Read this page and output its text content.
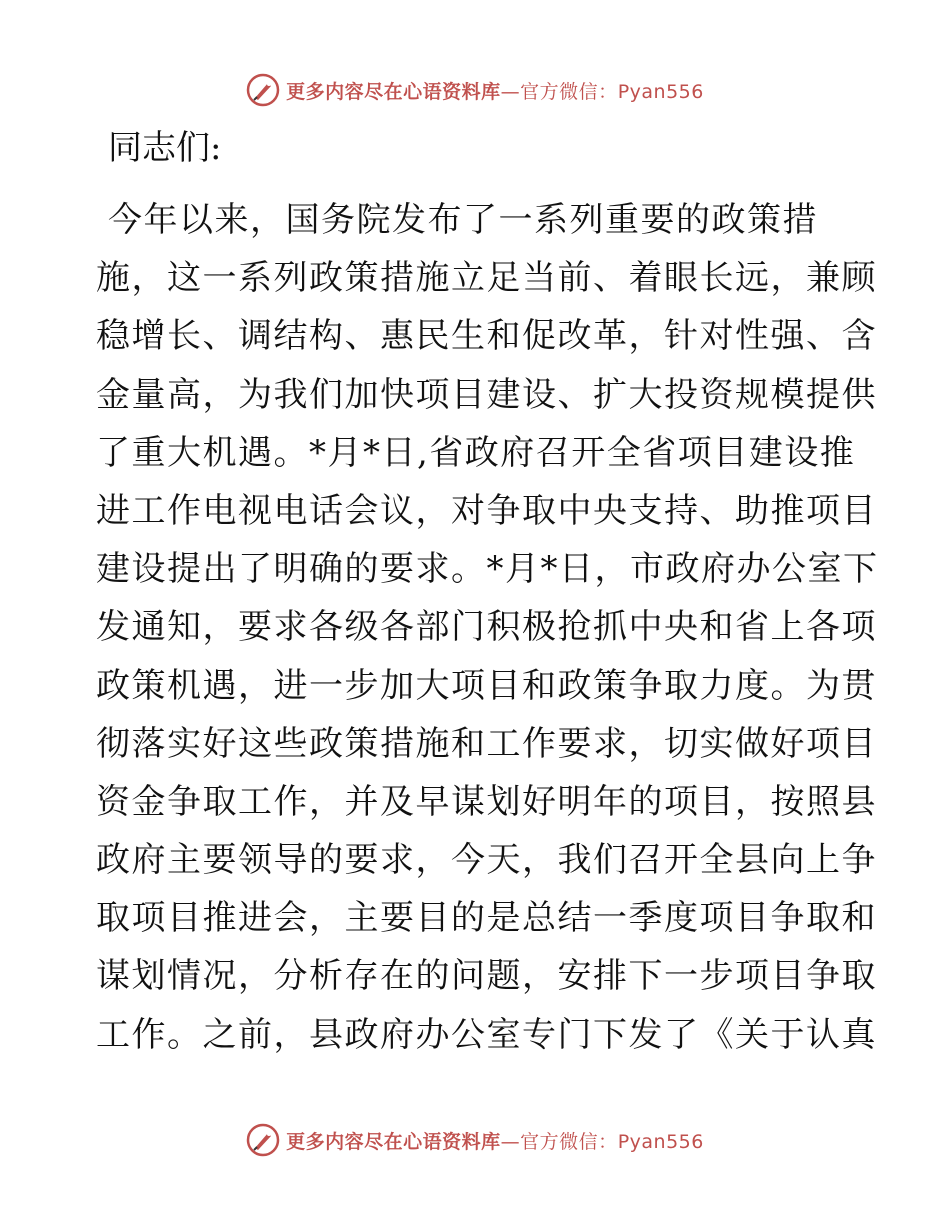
更多内容尽在心语资料库—官方微信：Pyan556
同志们:
今年以来，国务院发布了一系列重要的政策措
施，这一系列政策措施立足当前、着眼长远，兼顾
稳增长、调结构、惠民生和促改革，针对性强、含
金量高，为我们加快项目建设、扩大投资规模提供
了重大机遇。*月*日,省政府召开全省项目建设推
进工作电视电话会议，对争取中央支持、助推项目
建设提出了明确的要求。*月*日，市政府办公室下
发通知，要求各级各部门积极抢抓中央和省上各项
政策机遇，进一步加大项目和政策争取力度。为贯
彻落实好这些政策措施和工作要求，切实做好项目
资金争取工作，并及早谋划好明年的项目，按照县
政府主要领导的要求，今天，我们召开全县向上争
取项目推进会，主要目的是总结一季度项目争取和
谋划情况，分析存在的问题，安排下一步项目争取
工作。之前，县政府办公室专门下发了《关于认真
更多内容尽在心语资料库—官方微信：Pyan556
